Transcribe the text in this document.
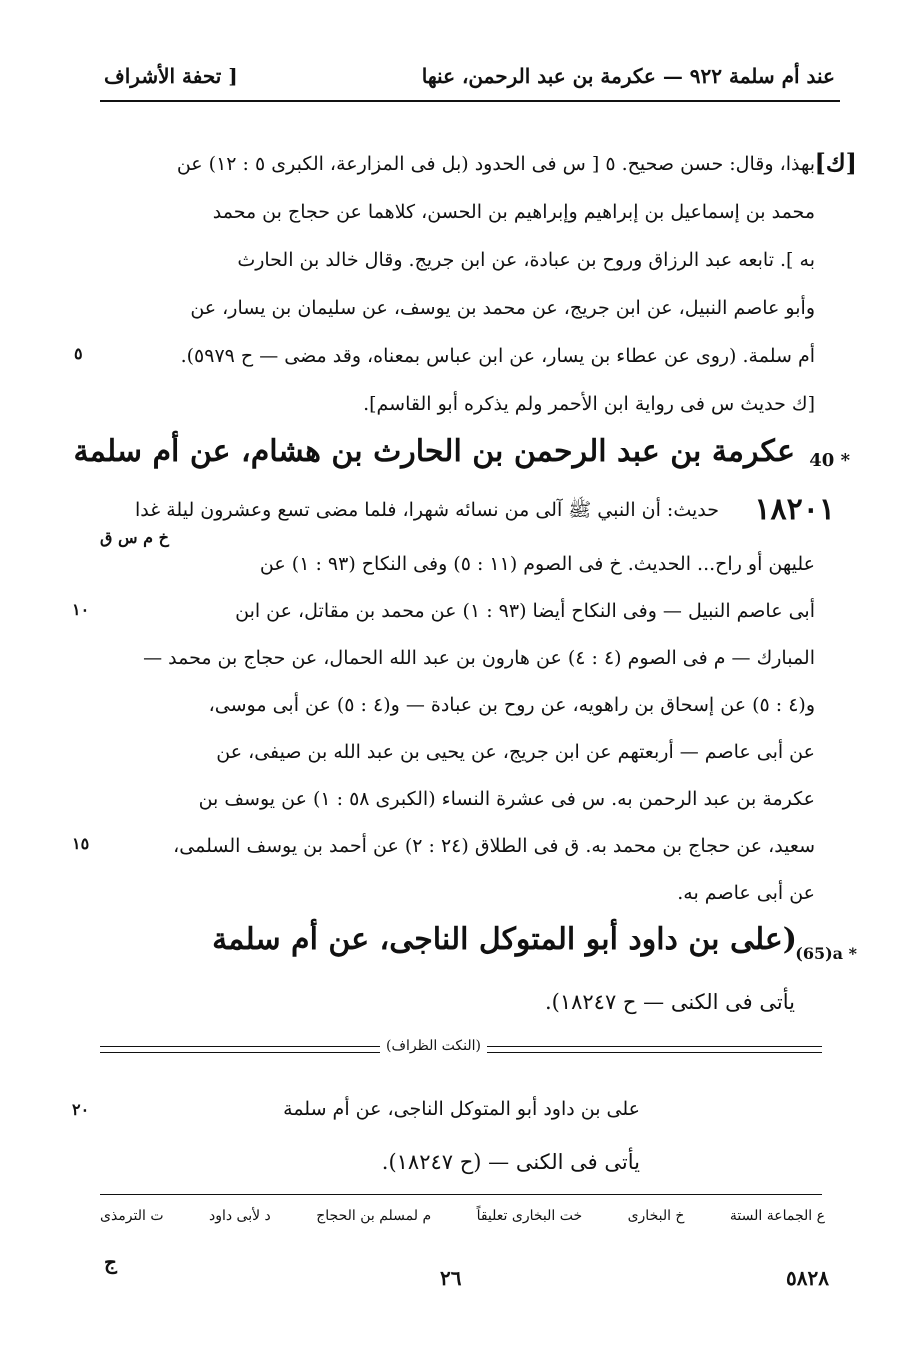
عند أم سلمة ٩٢٢ — عكرمة بن عبد الرحمن، عنها
[ تحفة الأشراف
[ك]
بهذا، وقال: حسن صحيح. ٥ [ س فى الحدود (بل فى المزارعة، الكبرى ٥ : ١٢) عن
محمد بن إسماعيل بن إبراهيم وإبراهيم بن الحسن، كلاهما عن حجاج بن محمد
به ]. تابعه عبد الرزاق وروح بن عبادة، عن ابن جريج. وقال خالد بن الحارث
وأبو عاصم النبيل، عن ابن جريج، عن محمد بن يوسف، عن سليمان بن يسار، عن
أم سلمة. (روى عن عطاء بن يسار، عن ابن عباس بمعناه، وقد مضى — ح ٥٩٧٩).
[ك حديث س فى رواية ابن الأحمر ولم يذكره أبو القاسم].
٥
40 *
عكرمة بن عبد الرحمن بن الحارث بن هشام، عن أم سلمة
١٨٢٠١
حديث: أن النبي ﷺ آلى من نسائه شهرا، فلما مضى تسع وعشرون ليلة غدا
خ م س ق
عليهن أو راح... الحديث. خ فى الصوم (١١ : ٥) وفى النكاح (٩٣ : ١) عن
أبى عاصم النبيل — وفى النكاح أيضا (٩٣ : ١) عن محمد بن مقاتل، عن ابن
المبارك — م فى الصوم (٤ : ٤) عن هارون بن عبد الله الحمال، عن حجاج بن محمد —
و(٤ : ٥) عن إسحاق بن راهويه، عن روح بن عبادة — و(٤ : ٥) عن أبى موسى،
عن أبى عاصم — أربعتهم عن ابن جريج، عن يحيى بن عبد الله بن صيفى، عن
عكرمة بن عبد الرحمن به. س فى عشرة النساء (الكبرى ٥٨ : ١) عن يوسف بن
سعيد، عن حجاج بن محمد به. ق فى الطلاق (٢٤ : ٢) عن أحمد بن يوسف السلمى،
عن أبى عاصم به.
١٠
١٥
(65)a *
(على بن داود أبو المتوكل الناجى، عن أم سلمة
يأتى فى الكنى — ح ١٨٢٤٧).
(النكت الظراف)
على بن داود أبو المتوكل الناجى، عن أم سلمة
يأتى فى الكنى — (ح ١٨٢٤٧).
٢٠
ع الجماعة الستة
خ البخارى
خت البخارى تعليقاً
م لمسلم بن الحجاج
د لأبى داود
ت الترمذى
ج
٢٦	٥٨٢٨
